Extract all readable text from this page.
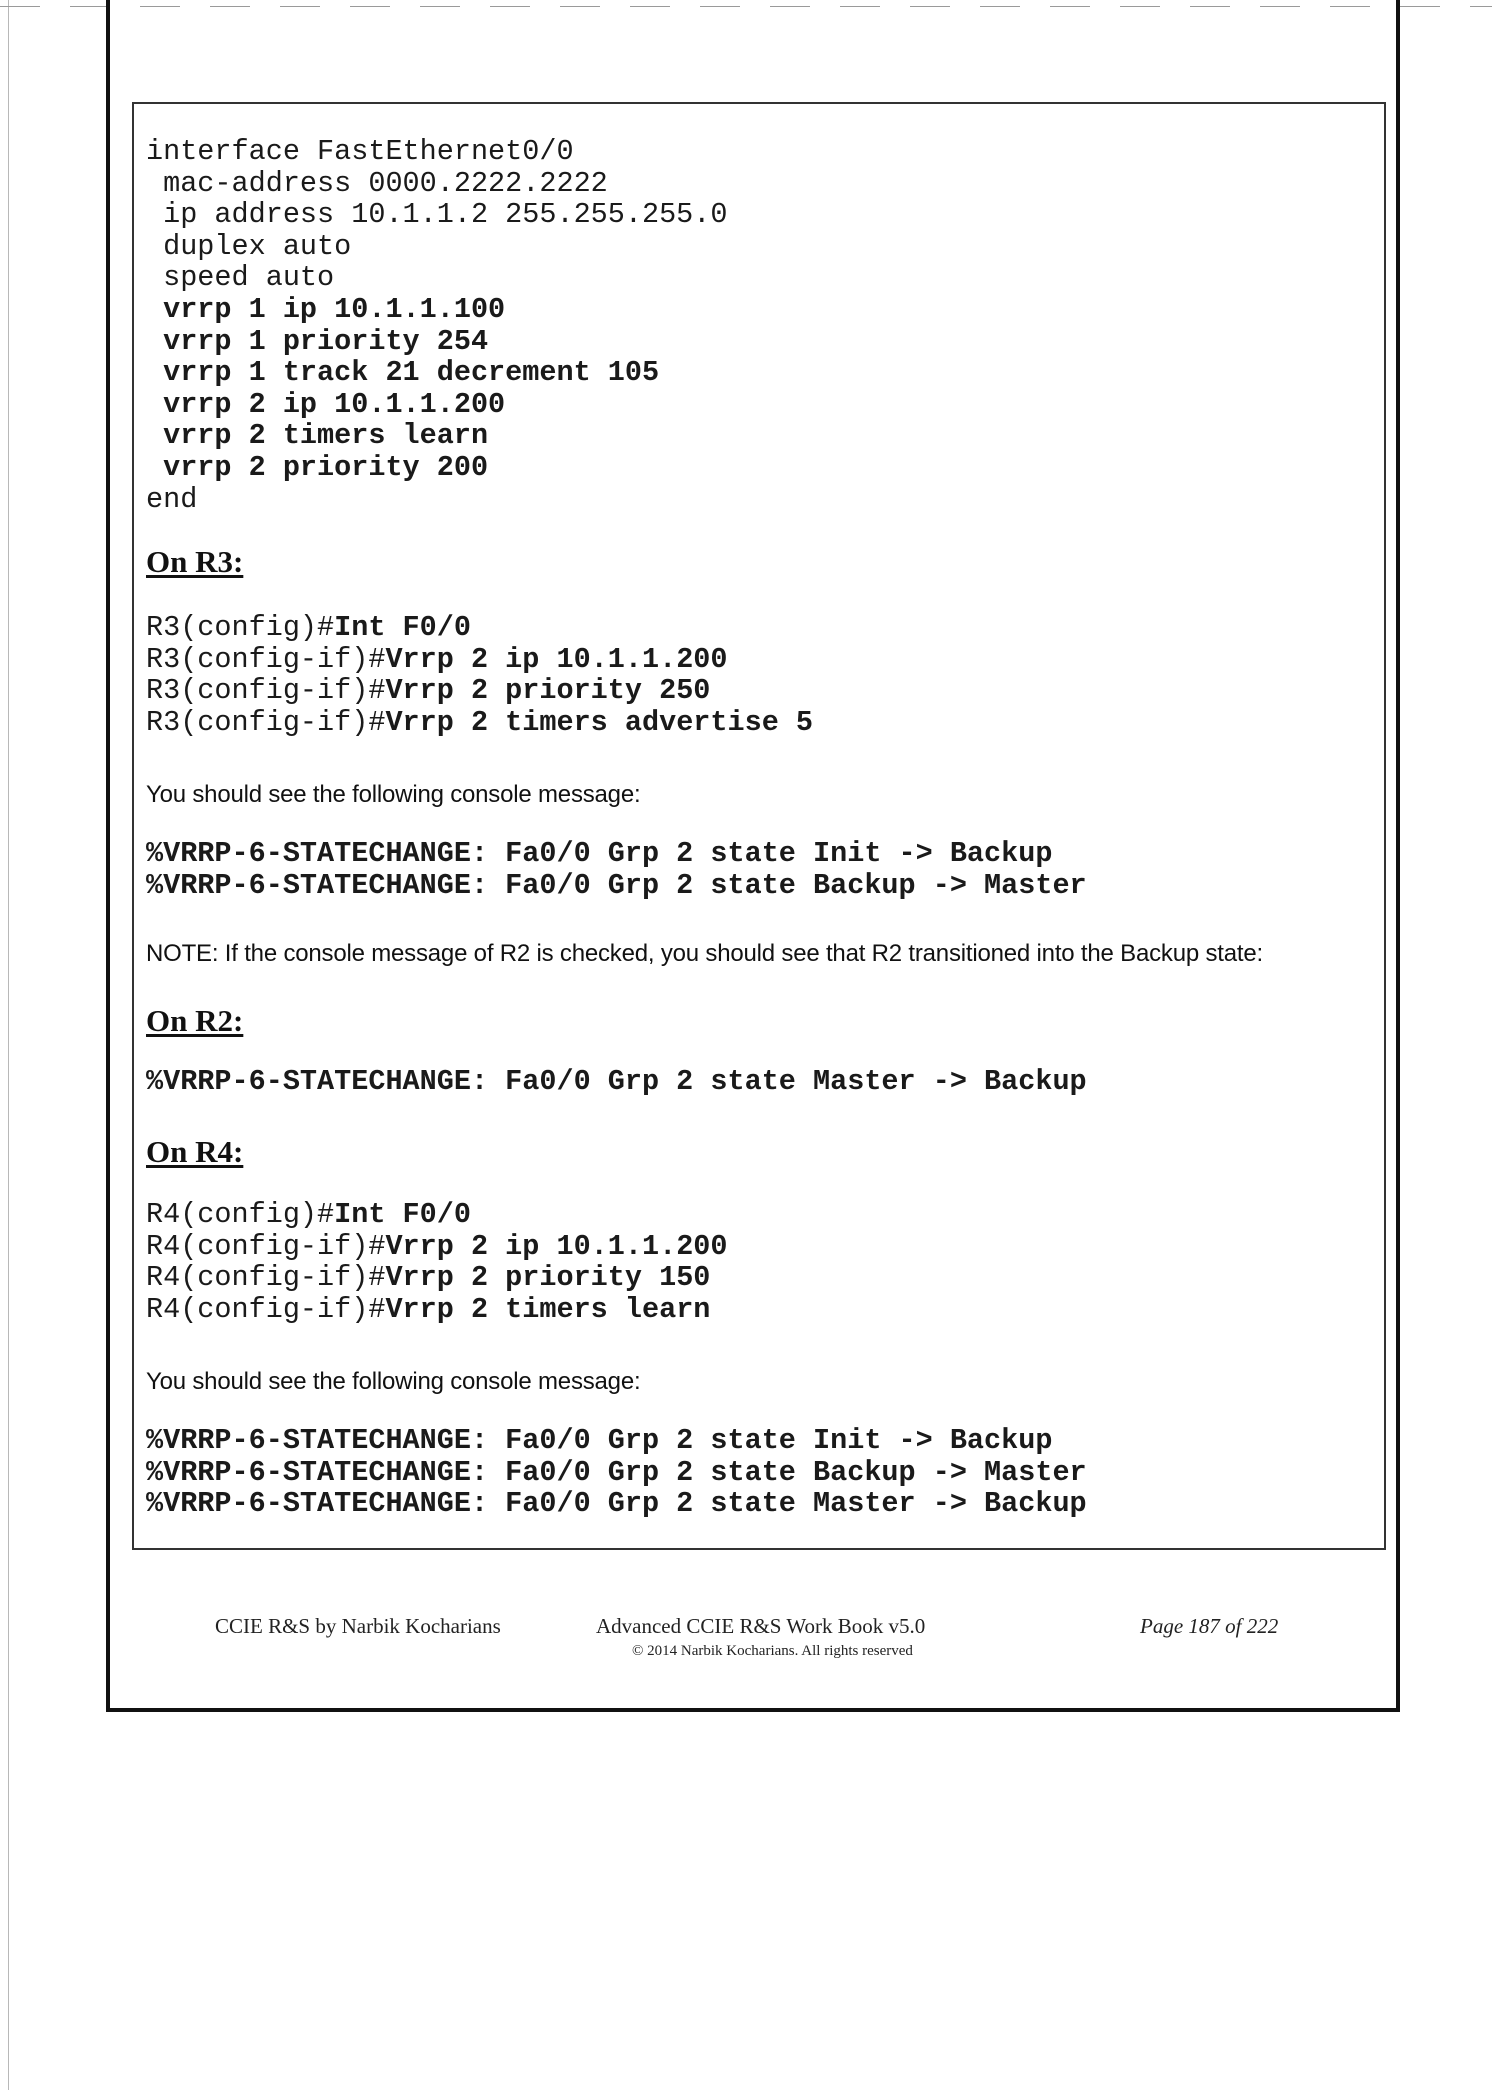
interface FastEthernet0/0
mac-address 0000.2222.2222
ip address 10.1.1.2 255.255.255.0
duplex auto
speed auto
vrrp 1 ip 10.1.1.100
vrrp 1 priority 254
vrrp 1 track 21 decrement 105
vrrp 2 ip 10.1.1.200
vrrp 2 timers learn
vrrp 2 priority 200
end
On R3:
R3(config)#Int F0/0
R3(config-if)#Vrrp 2 ip 10.1.1.200
R3(config-if)#Vrrp 2 priority 250
R3(config-if)#Vrrp 2 timers advertise 5
You should see the following console message:
%VRRP-6-STATECHANGE: Fa0/0 Grp 2 state Init -> Backup
%VRRP-6-STATECHANGE: Fa0/0 Grp 2 state Backup -> Master
NOTE: If the console message of R2 is checked, you should see that R2 transitioned into the Backup state:
On R2:
%VRRP-6-STATECHANGE: Fa0/0 Grp 2 state Master -> Backup
On R4:
R4(config)#Int F0/0
R4(config-if)#Vrrp 2 ip 10.1.1.200
R4(config-if)#Vrrp 2 priority 150
R4(config-if)#Vrrp 2 timers learn
You should see the following console message:
%VRRP-6-STATECHANGE: Fa0/0 Grp 2 state Init -> Backup
%VRRP-6-STATECHANGE: Fa0/0 Grp 2 state Backup -> Master
%VRRP-6-STATECHANGE: Fa0/0 Grp 2 state Master -> Backup
CCIE R&S by Narbik Kocharians	Advanced CCIE R&S Work Book v5.0
© 2014 Narbik Kocharians. All rights reserved
Page 187 of 222
